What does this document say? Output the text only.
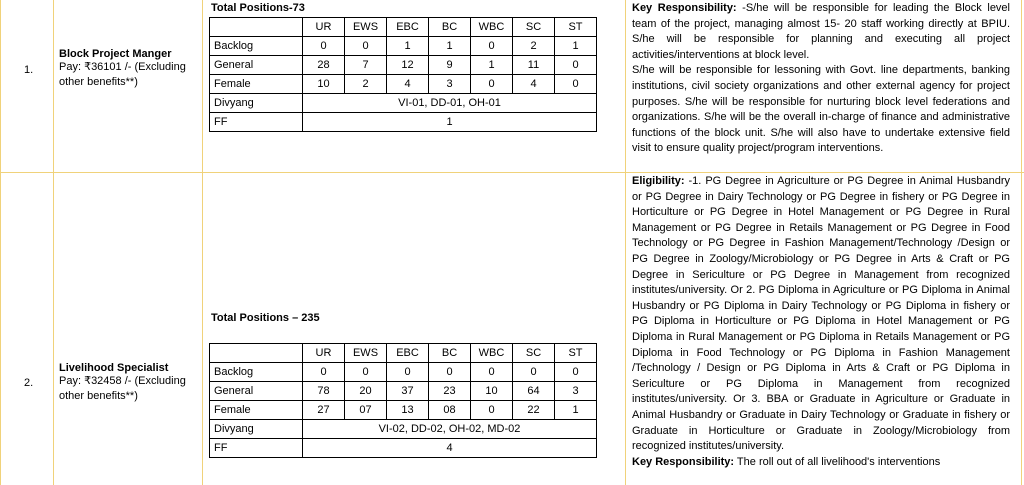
1.
Block Project Manger
Pay: ₹36101 /- (Excluding
other benefits**)
Total Positions-73
	UR	EWS	EBC	BC	WBC	SC	ST
Backlog	0	0	1	1	0	2	1
General	28	7	12	9	1	11	0
Female	10	2	4	3	0	4	0
Divyang	VI-01, DD-01, OH-01						
FF	1						
Key Responsibility: -S/he will be responsible for leading the Block level team of the project, managing almost 15- 20 staff working directly at BPIU. S/he will be responsible for planning and executing all project activities/interventions at block level.
S/he will be responsible for lessoning with Govt. line departments, banking institutions, civil society organizations and other external agency for project purposes. S/he will be responsible for nurturing block level federations and organizations. S/he will be the overall in-charge of finance and administrative functions of the block unit. S/he will also have to undertake extensive field visit to ensure quality project/program interventions.
2.
Livelihood Specialist
Pay: ₹32458 /- (Excluding
other benefits**)
Total Positions – 235
	UR	EWS	EBC	BC	WBC	SC	ST
Backlog	0	0	0	0	0	0	0
General	78	20	37	23	10	64	3
Female	27	07	13	08	0	22	1
Divyang	VI-02, DD-02, OH-02, MD-02						
FF	4						
Eligibility: -1. PG Degree in Agriculture or PG Degree in Animal Husbandry or PG Degree in Dairy Technology or PG Degree in fishery or PG Degree in Horticulture or PG Degree in Hotel Management or PG Degree in Rural Management or PG Degree in Retails Management or PG Degree in Food Technology or PG Degree in Fashion Management/Technology /Design or PG Degree in Zoology/Microbiology or PG Degree in Arts & Craft or PG Degree in Sericulture or PG Degree in Management from recognized institutes/university. Or 2. PG Diploma in Agriculture or PG Diploma in Animal Husbandry or PG Diploma in Dairy Technology or PG Diploma in fishery or PG Diploma in Horticulture or PG Diploma in Hotel Management or PG Diploma in Rural Management or PG Diploma in Retails Management or PG Diploma in Food Technology or PG Diploma in Fashion Management /Technology / Design or PG Diploma in Arts & Craft or PG Diploma in Sericulture or PG Diploma in Management from recognized institutes/university. Or 3. BBA or Graduate in Agriculture or Graduate in Animal Husbandry or Graduate in Dairy Technology or Graduate in fishery or Graduate in Horticulture or Graduate in Zoology/Microbiology from recognized institutes/university.
Key Responsibility: The roll out of all livelihood's interventions
